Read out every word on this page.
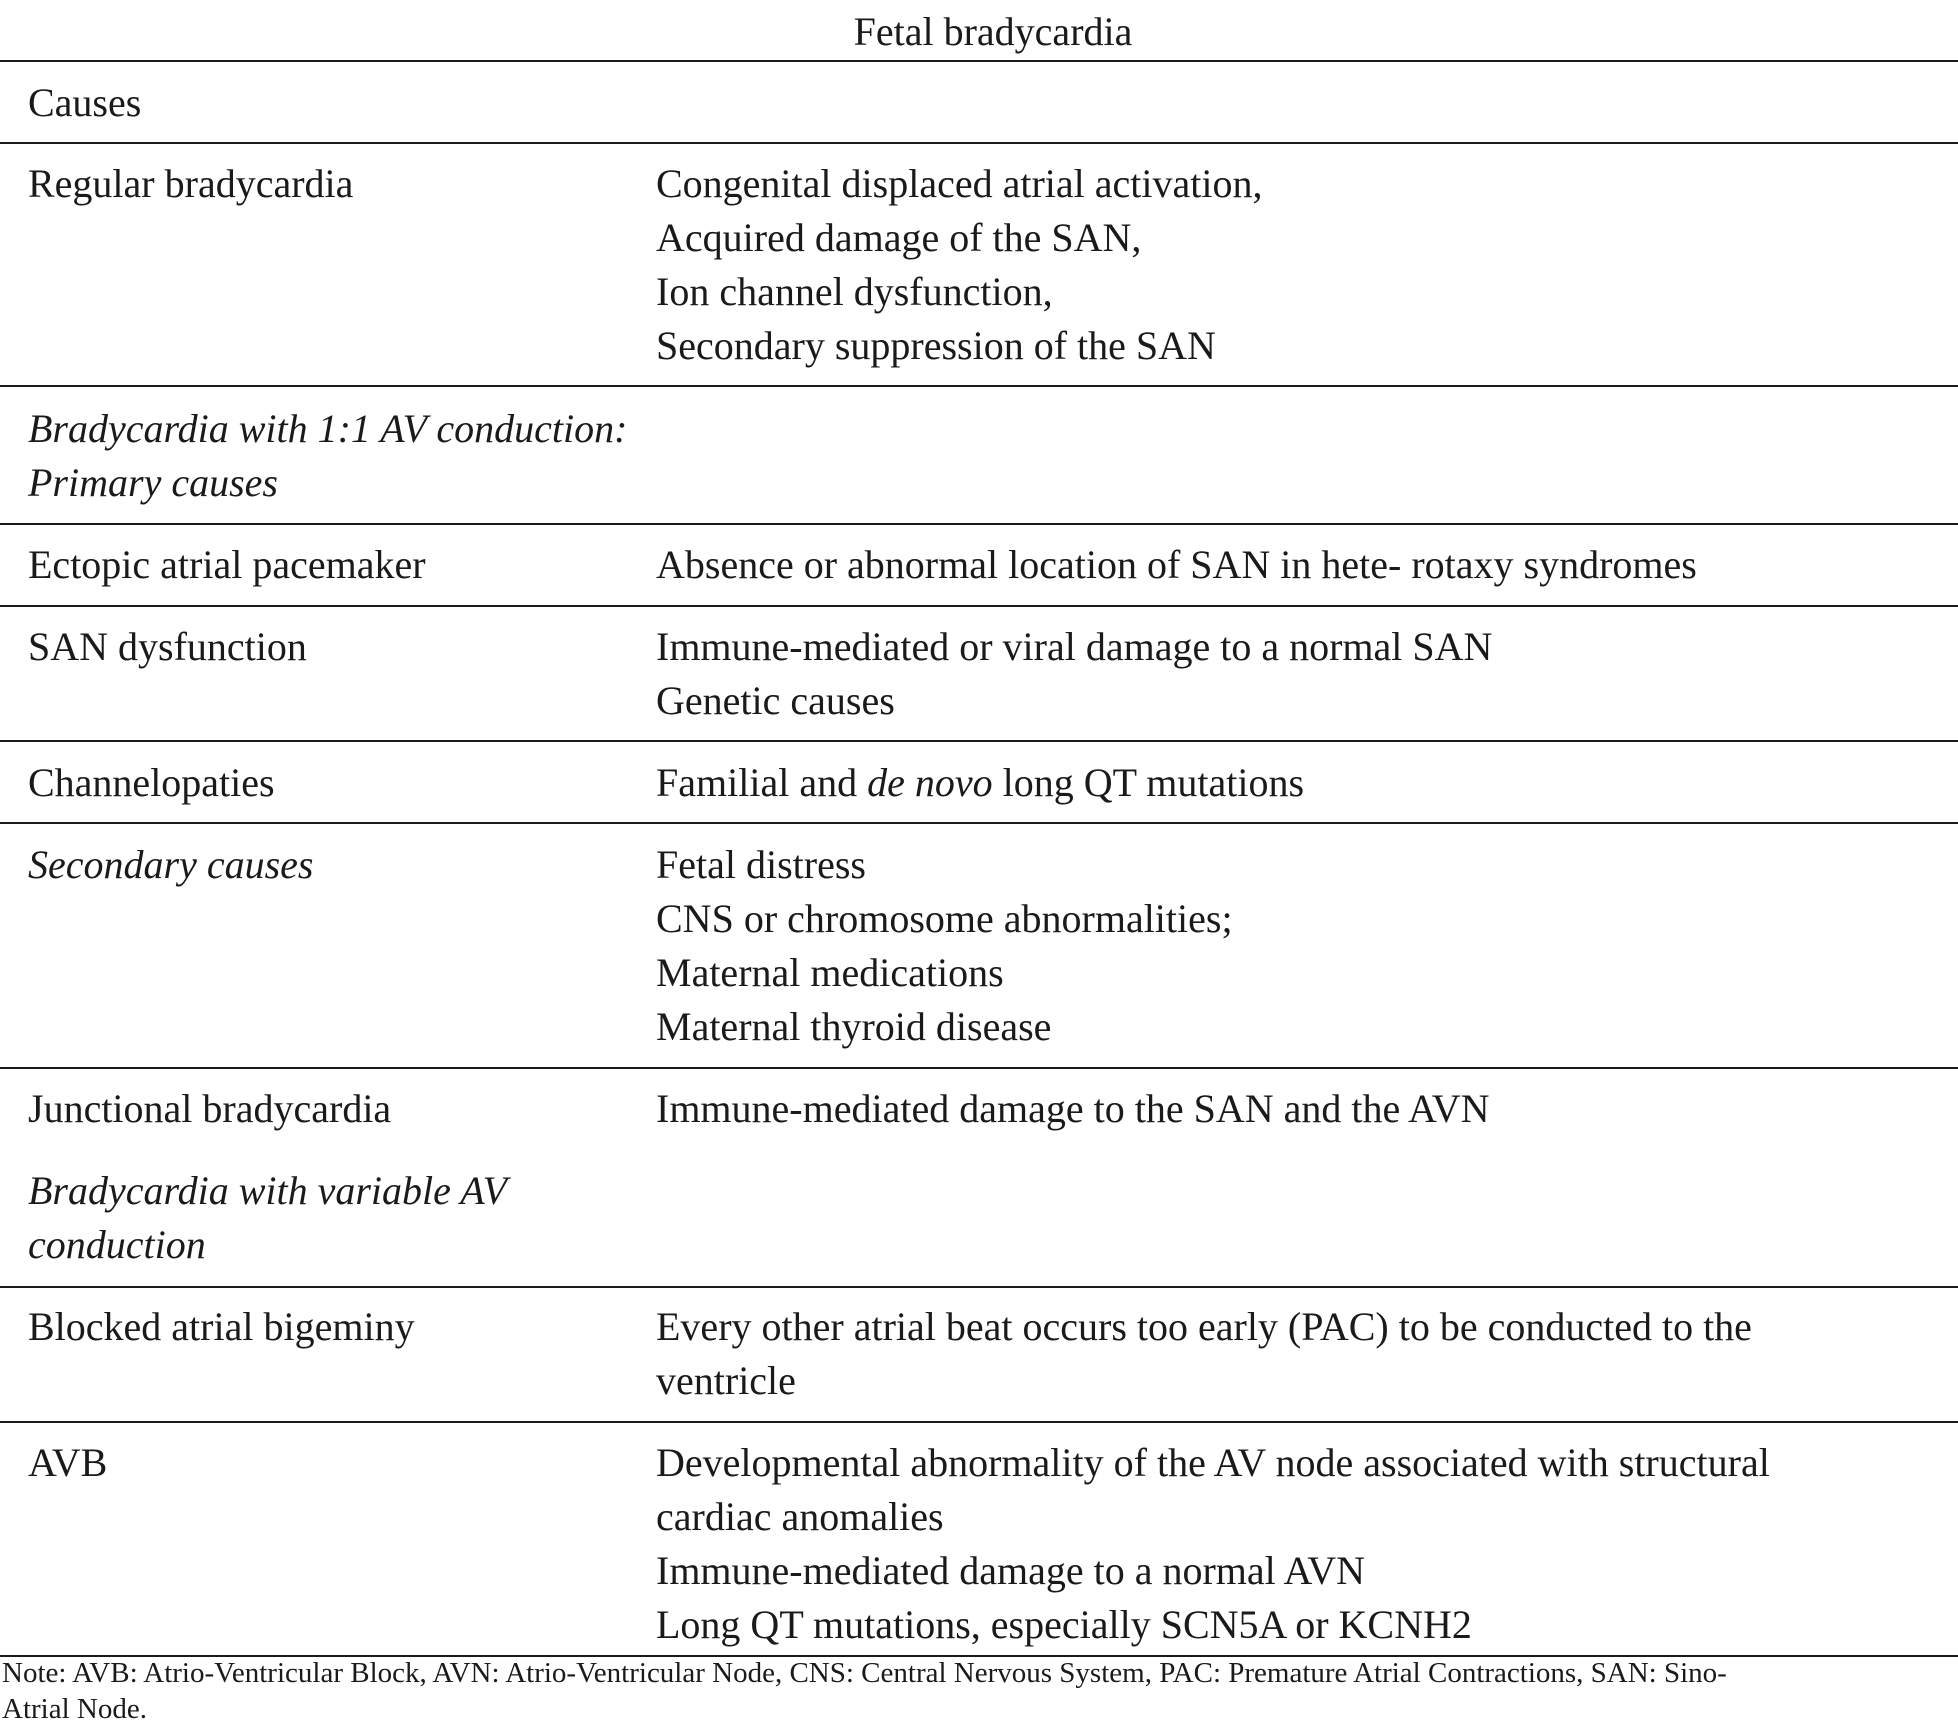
Fetal bradycardia
Causes
Regular bradycardia	Congenital displaced atrial activation,
Acquired damage of the SAN,
Ion channel dysfunction,
Secondary suppression of the SAN
Bradycardia with 1:1 AV conduction:
Primary causes
Ectopic atrial pacemaker	Absence or abnormal location of SAN in hete- rotaxy syndromes
SAN dysfunction	Immune-mediated or viral damage to a normal SAN
Genetic causes
Channelopaties	Familial and de novo long QT mutations
Secondary causes	Fetal distress
CNS or chromosome abnormalities;
Maternal medications
Maternal thyroid disease
Junctional bradycardia	Immune-mediated damage to the SAN and the AVN
Bradycardia with variable AV
conduction
Blocked atrial bigeminy	Every other atrial beat occurs too early (PAC) to be conducted to the
ventricle
AVB	Developmental abnormality of the AV node associated with structural
cardiac anomalies
Immune-mediated damage to a normal AVN
Long QT mutations, especially SCN5A or KCNH2
Note: AVB: Atrio-Ventricular Block, AVN: Atrio-Ventricular Node, CNS: Central Nervous System, PAC: Premature Atrial Contractions, SAN: Sino-
Atrial Node.
